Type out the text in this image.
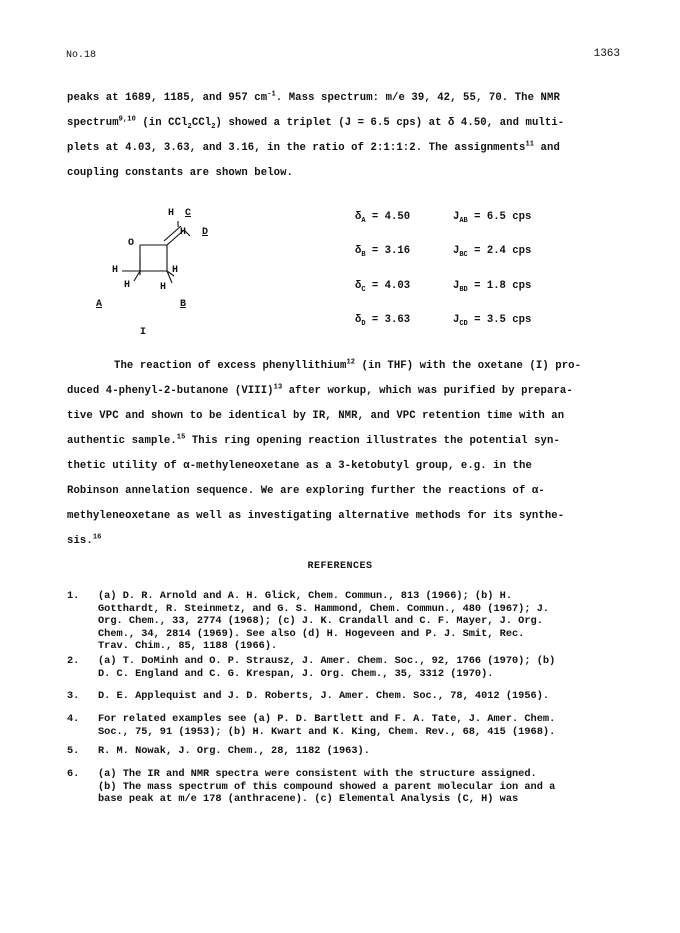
No.18	1363
peaks at 1689, 1185, and 957 $cm^{-1}$. Mass spectrum: m/e 39, 42, 55, 70. The NMR
spectrum$^{9,10}$ (in CCl$_2$CCl$_2$) showed a triplet (J = 6.5 cps) at δ 4.50, and multi-
plets at 4.03, 3.63, and 3.16, in the ratio of 2:1:1:2. The assignments$^{11}$ and
coupling constants are shown below.
H C
H D
O
H	H
H	H
A	B
I
$\delta_A = 4.50$	$J_{AB} = 6.5$ cps
$\delta_B = 3.16$	$J_{BC} = 2.4$ cps
$\delta_C = 4.03$	$J_{BD} = 1.8$ cps
$\delta_D = 3.63$	$J_{CD} = 3.5$ cps
The reaction of excess phenyllithium$^{12}$ (in THF) with the oxetane (I) pro-
duced 4-phenyl-2-butanone (VIII)$^{13}$ after workup, which was purified by prepara-
tive VPC and shown to be identical by IR, NMR, and VPC retention time with an
authentic sample.$^{15}$ This ring opening reaction illustrates the potential syn-
thetic utility of α-methyleneoxetane as a 3-ketobutyl group, e.g. in the
Robinson annelation sequence. We are exploring further the reactions of α-
methyleneoxetane as well as investigating alternative methods for its synthe-
sis.$^{16}$
REFERENCES
1. (a) D. R. Arnold and A. H. Glick, Chem. Commun., 813 (1966); (b) H.
Gotthardt, R. Steinmetz, and G. S. Hammond, Chem. Commun., 480 (1967); J.
Org. Chem., 33, 2774 (1968); (c) J. K. Crandall and C. F. Mayer, J. Org.
Chem., 34, 2814 (1969). See also (d) H. Hogeveen and P. J. Smit, Rec.
Trav. Chim., 85, 1188 (1966).
2. (a) T. DoMinh and O. P. Strausz, J. Amer. Chem. Soc., 92, 1766 (1970); (b)
D. C. England and C. G. Krespan, J. Org. Chem., 35, 3312 (1970).
3. D. E. Applequist and J. D. Roberts, J. Amer. Chem. Soc., 78, 4012 (1956).
4. For related examples see (a) P. D. Bartlett and F. A. Tate, J. Amer. Chem.
Soc., 75, 91 (1953); (b) H. Kwart and K. King, Chem. Rev., 68, 415 (1968).
5. R. M. Nowak, J. Org. Chem., 28, 1182 (1963).
6. (a) The IR and NMR spectra were consistent with the structure assigned.
(b) The mass spectrum of this compound showed a parent molecular ion and a
base peak at m/e 178 (anthracene). (c) Elemental Analysis (C, H) was
